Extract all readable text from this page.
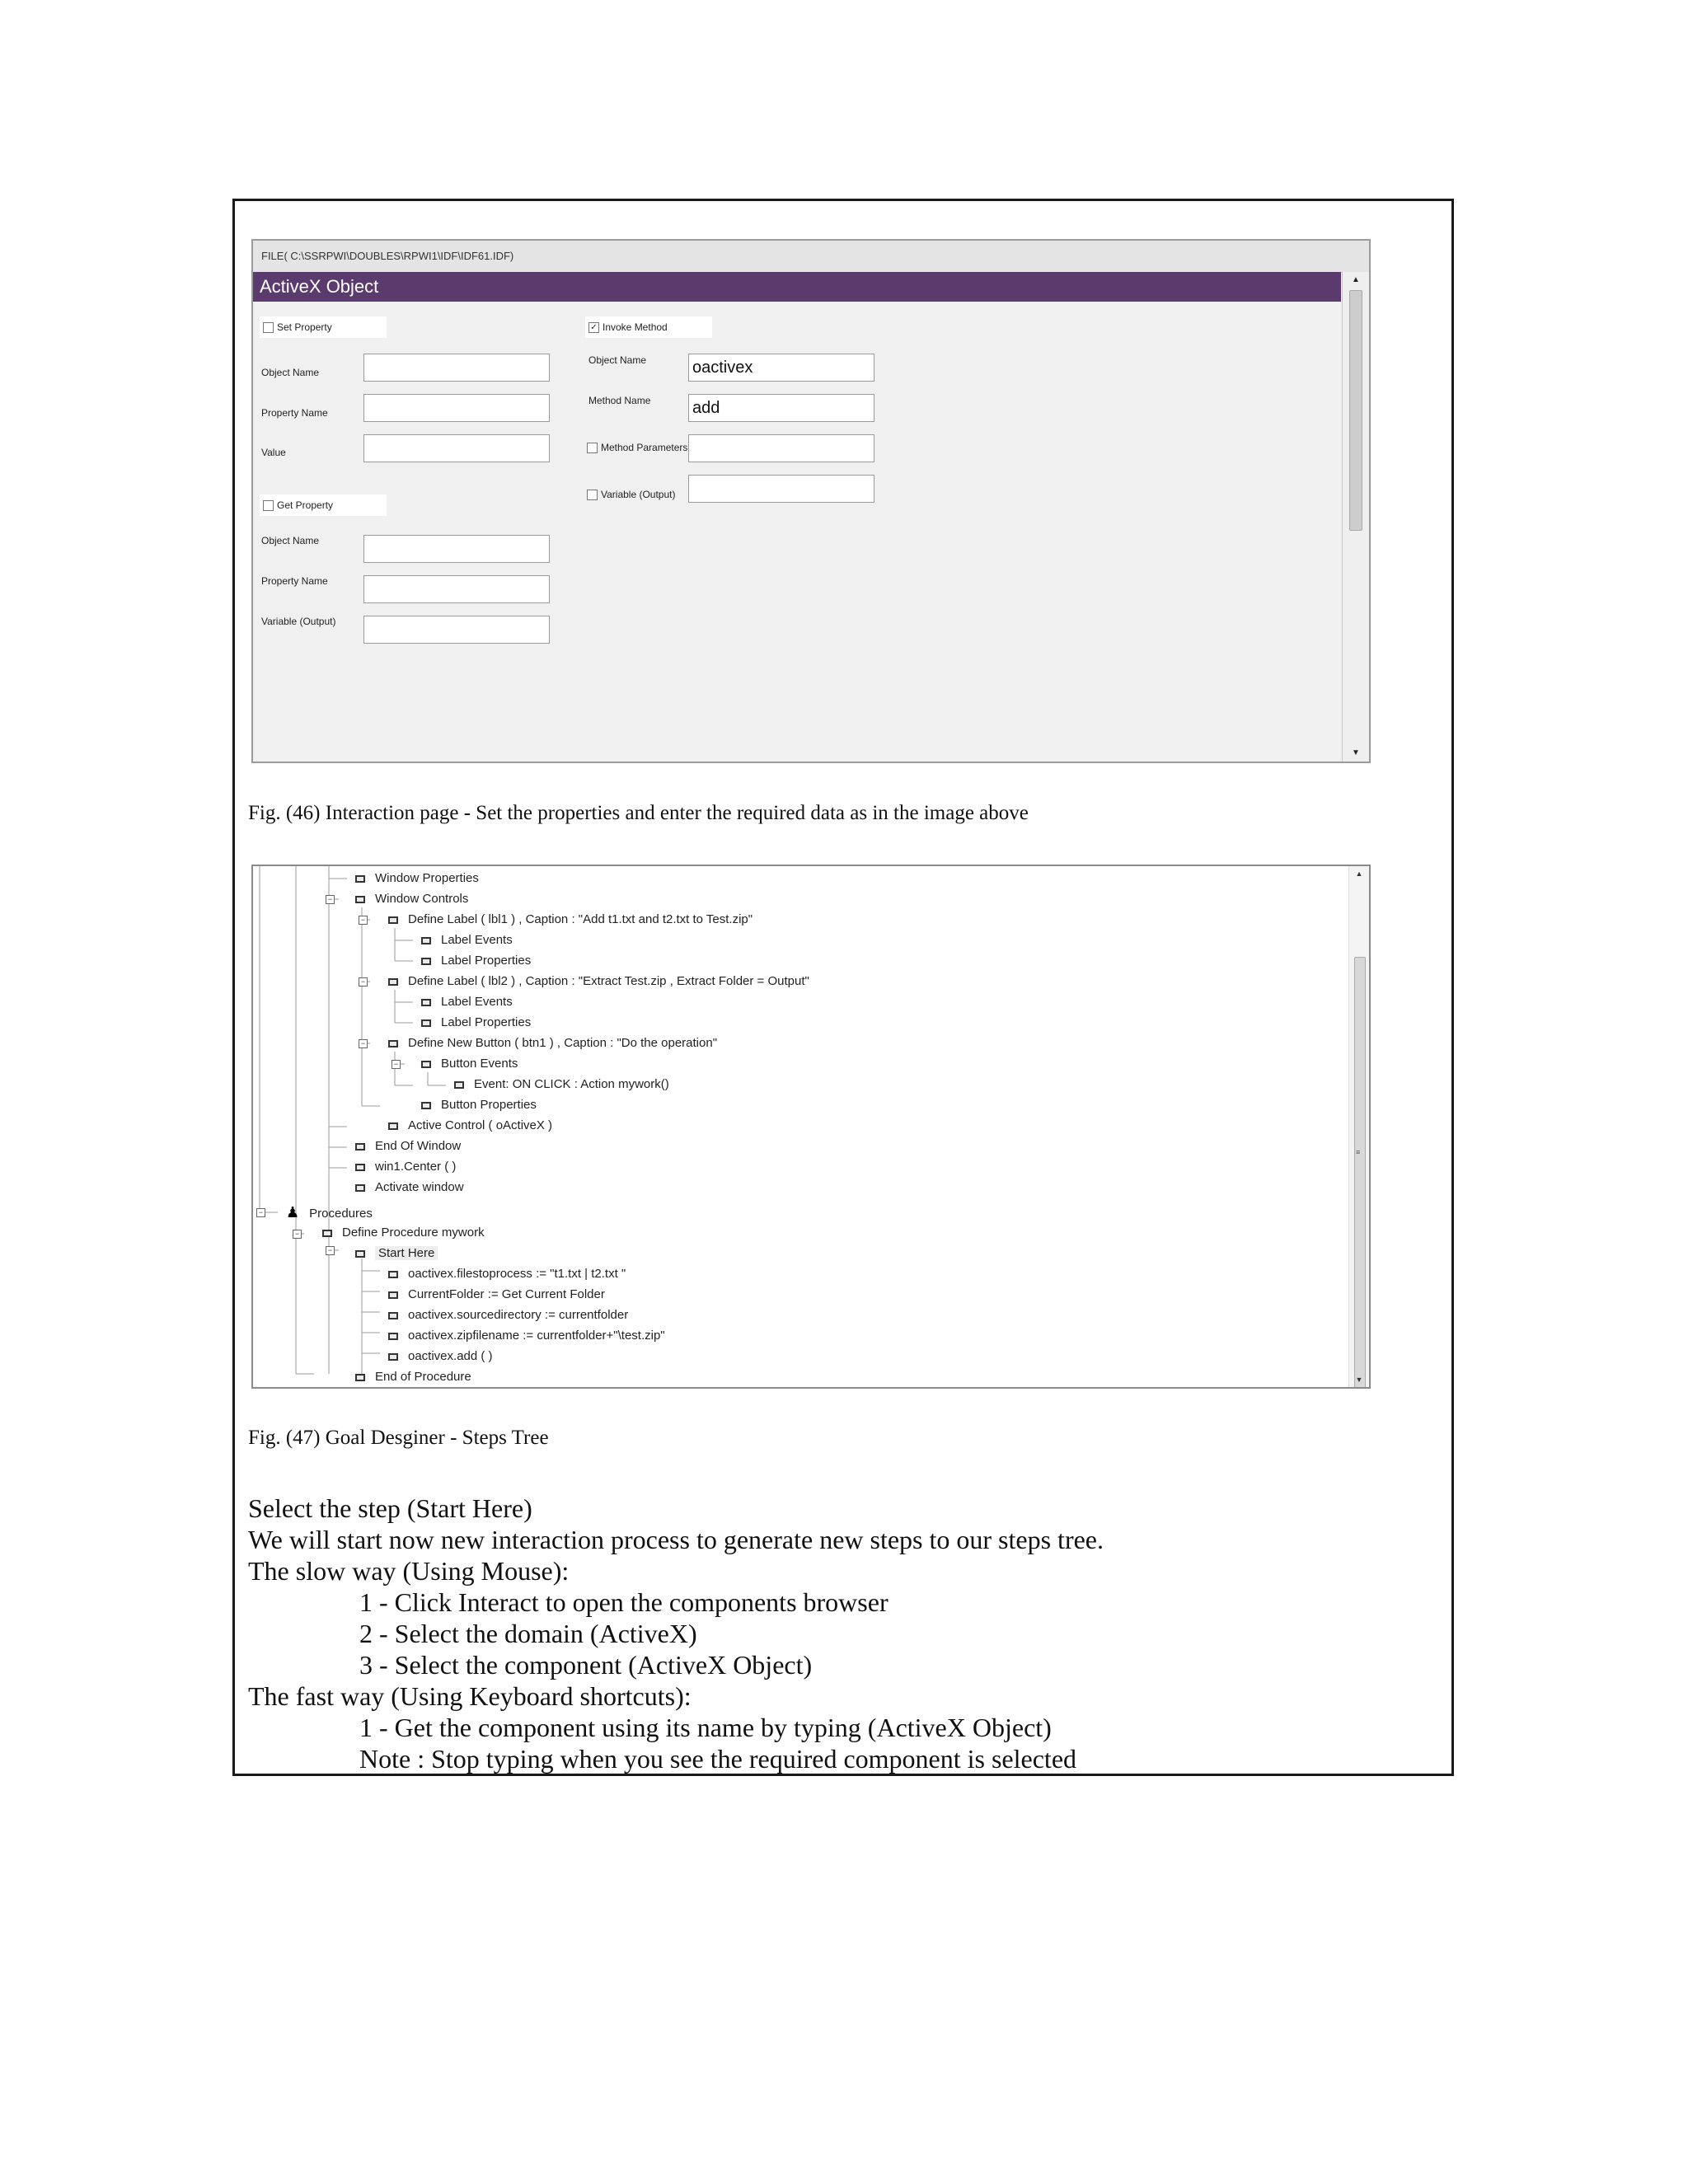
FILE( C:\SSRPWI\DOUBLES\RPWI1\IDF\IDF61.IDF)
ActiveX Object	▲
▼
Set Property
Object Name
Property Name
Value
Get Property
Object Name
Property Name
Variable (Output)
✓ Invoke Method
Object Name	oactivex
Method Name	add
Method Parameters
Variable (Output)
Fig. (46) Interaction page - Set the properties and enter the required data as in the image above
−
−
−
−
−
−
−
−
Window Properties
Window Controls
Define Label ( lbl1 ) , Caption : "Add t1.txt and t2.txt to Test.zip"
Label Events
Label Properties
Define Label ( lbl2 ) , Caption : "Extract Test.zip , Extract Folder = Output"
Label Events
Label Properties
Define New Button ( btn1 ) , Caption : "Do the operation"
Button Events
Event: ON CLICK : Action mywork()
Button Properties
Active Control ( oActiveX )
End Of Window
win1.Center ( )
Activate window
♟ Procedures
Define Procedure mywork
Start Here
oactivex.filestoprocess := "t1.txt | t2.txt "
CurrentFolder := Get Current Folder
oactivex.sourcedirectory := currentfolder
oactivex.zipfilename := currentfolder+"\test.zip"
oactivex.add ( )
End of Procedure
▲
≡
▼
Fig. (47) Goal Desginer - Steps Tree
Select the step (Start Here)
We will start now new interaction process to generate new steps to our steps tree.
The slow way (Using Mouse):
1 - Click Interact to open the components browser
2 - Select the domain (ActiveX)
3 - Select the component (ActiveX Object)
The fast way (Using Keyboard shortcuts):
1 - Get the component using its name by typing (ActiveX Object)
Note : Stop typing when you see the required component is selected
